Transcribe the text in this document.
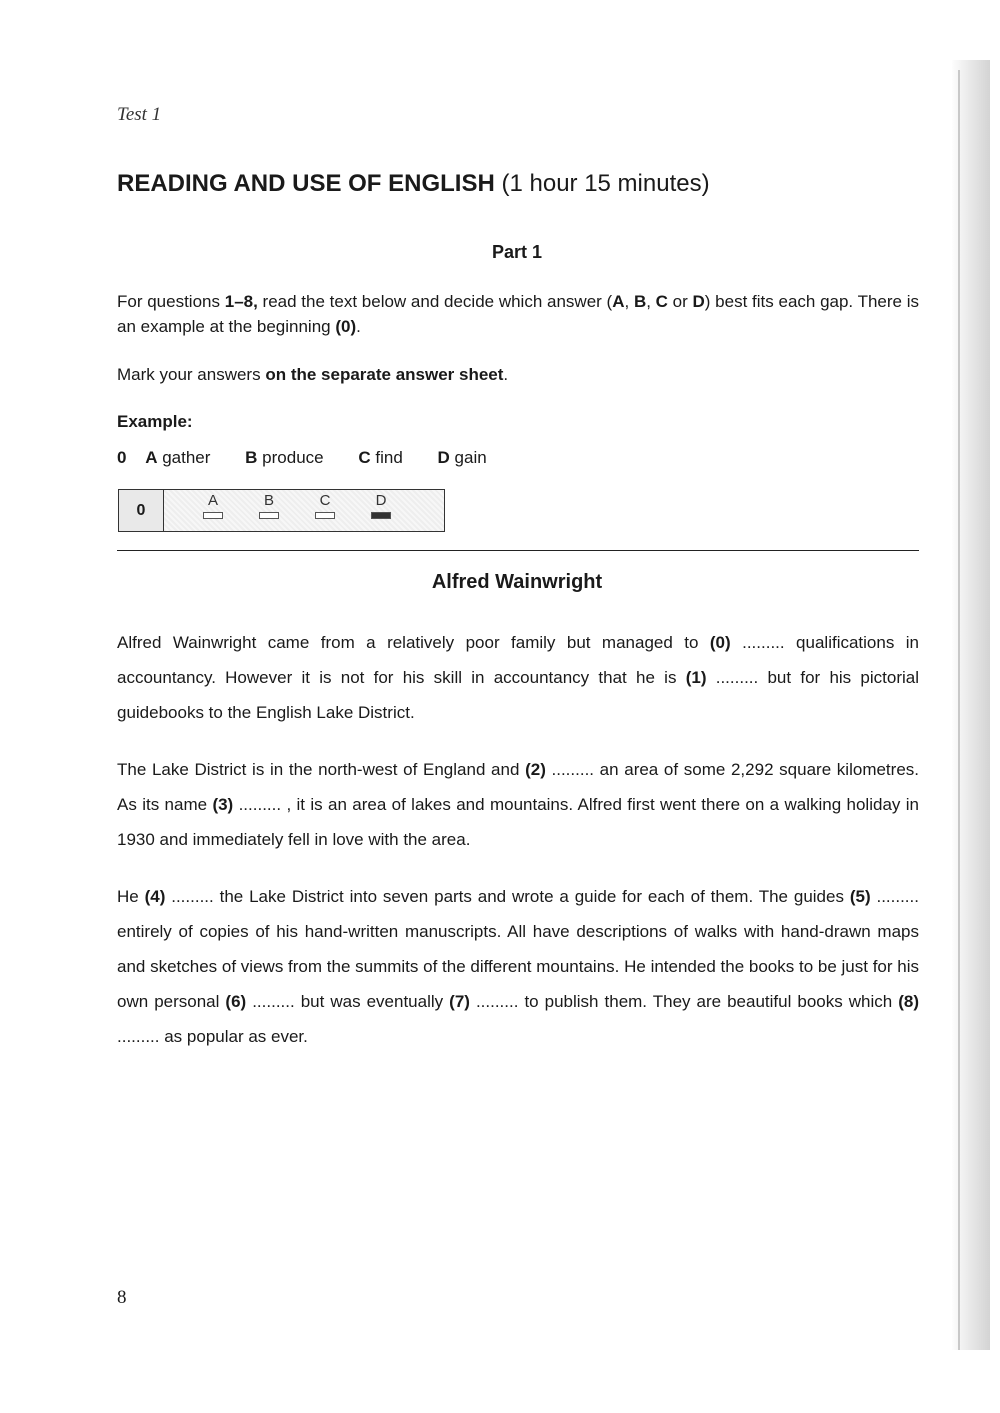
Test 1
READING AND USE OF ENGLISH (1 hour 15 minutes)
Part 1

For questions 1–8, read the text below and decide which answer (A, B, C or D) best fits each gap. There is an example at the beginning (0).

Mark your answers on the separate answer sheet.

Example:
0 A gather B produce C find D gain
0
A	B	C	D
Alfred Wainwright

Alfred Wainwright came from a relatively poor family but managed to (0) ......... qualifications in accountancy. However it is not for his skill in accountancy that he is (1) ......... but for his pictorial guidebooks to the English Lake District.

The Lake District is in the north-west of England and (2) ......... an area of some 2,292 square kilometres. As its name (3) ......... , it is an area of lakes and mountains. Alfred first went there on a walking holiday in 1930 and immediately fell in love with the area.

He (4) ......... the Lake District into seven parts and wrote a guide for each of them. The guides (5) ......... entirely of copies of his hand-written manuscripts. All have descriptions of walks with hand-drawn maps and sketches of views from the summits of the different mountains. He intended the books to be just for his own personal (6) ......... but was eventually (7) ......... to publish them. They are beautiful books which (8) ......... as popular as ever.

8
